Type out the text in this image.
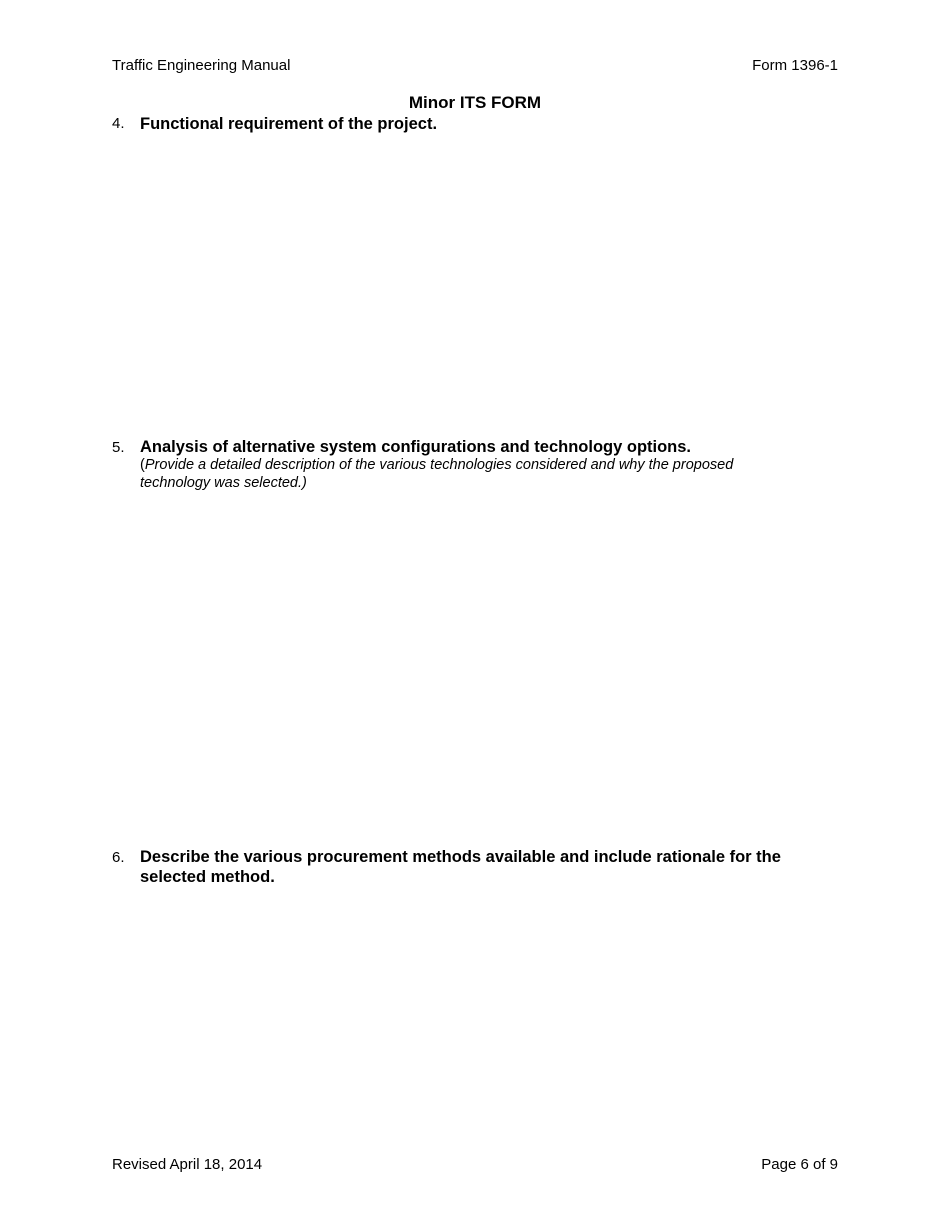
Traffic Engineering Manual	Form 1396-1
Minor ITS FORM
4. Functional requirement of the project.
5. Analysis of alternative system configurations and technology options.
(Provide a detailed description of the various technologies considered and why the proposed technology was selected.)
6. Describe the various procurement methods available and include rationale for the
selected method.
Revised April 18, 2014	Page 6 of 9
